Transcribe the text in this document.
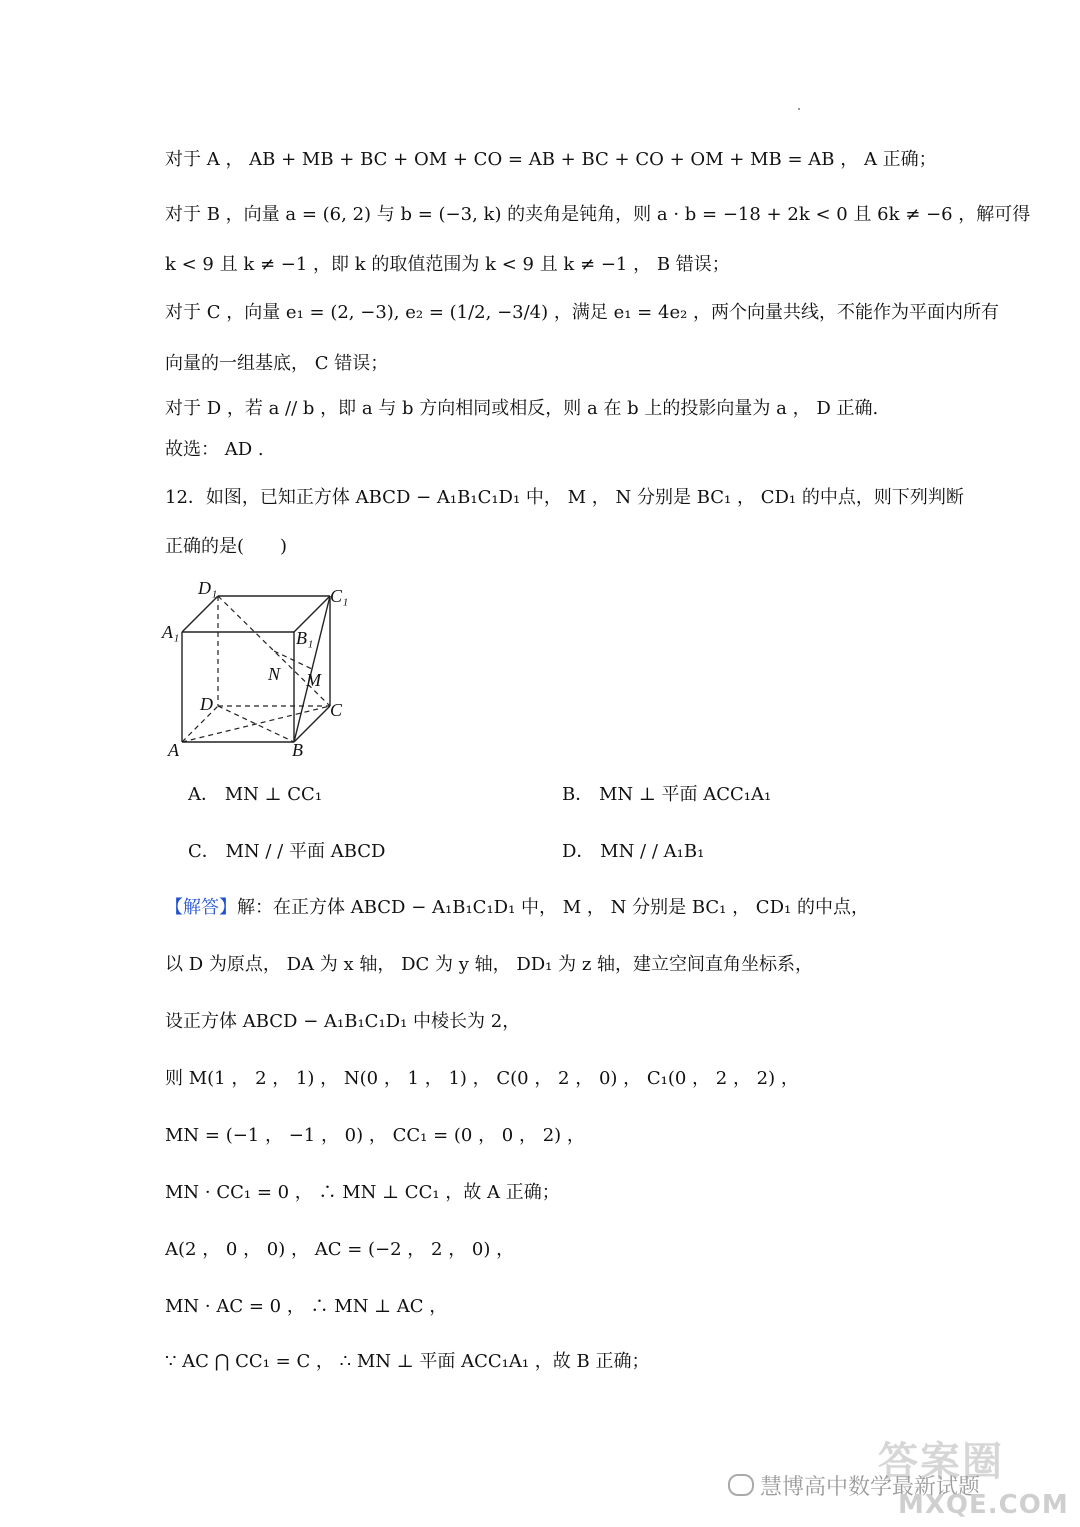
对于 A ， AB + MB + BC + OM + CO = AB + BC + CO + OM + MB = AB ， A 正确；
对于 B ，向量 a = (6, 2) 与 b = (−3, k) 的夹角是钝角，则 a · b = −18 + 2k < 0 且 6k ≠ −6 ，解可得
k < 9 且 k ≠ −1 ，即 k 的取值范围为 k < 9 且 k ≠ −1 ， B 错误；
对于 C ，向量 e₁ = (2, −3), e₂ = (1/2, −3/4) ，满足 e₁ = 4e₂ ，两个向量共线，不能作为平面内所有
向量的一组基底， C 错误；
对于 D ，若 a // b ，即 a 与 b 方向相同或相反，则 a 在 b 上的投影向量为 a ， D 正确.
故选： AD .
12．如图，已知正方体 ABCD − A₁B₁C₁D₁ 中， M ， N 分别是 BC₁ ， CD₁ 的中点，则下列判断
正确的是(　　)
D₁	C₁
A₁	B₁
N M
D	C
A	B
A． MN ⊥ CC₁	B． MN ⊥ 平面 ACC₁A₁
C． MN / / 平面 ABCD	D． MN / / A₁B₁
【解答】解：在正方体 ABCD − A₁B₁C₁D₁ 中， M ， N 分别是 BC₁ ， CD₁ 的中点，
以 D 为原点， DA 为 x 轴， DC 为 y 轴， DD₁ 为 z 轴，建立空间直角坐标系，
设正方体 ABCD − A₁B₁C₁D₁ 中棱长为 2，
则 M(1 ， 2 ， 1) ， N(0 ， 1 ， 1) ， C(0 ， 2 ， 0) ， C₁(0 ， 2 ， 2) ，
MN = (−1 ， −1 ， 0) ， CC₁ = (0 ， 0 ， 2) ，
MN · CC₁ = 0 ， ∴ MN ⊥ CC₁ ，故 A 正确；
A(2 ， 0 ， 0) ， AC = (−2 ， 2 ， 0) ，
MN · AC = 0 ， ∴ MN ⊥ AC ，
∵ AC ⋂ CC₁ = C ， ∴ MN ⊥ 平面 ACC₁A₁ ，故 B 正确；
答案圈
慧博高中数学最新试题
MXQE.COM
